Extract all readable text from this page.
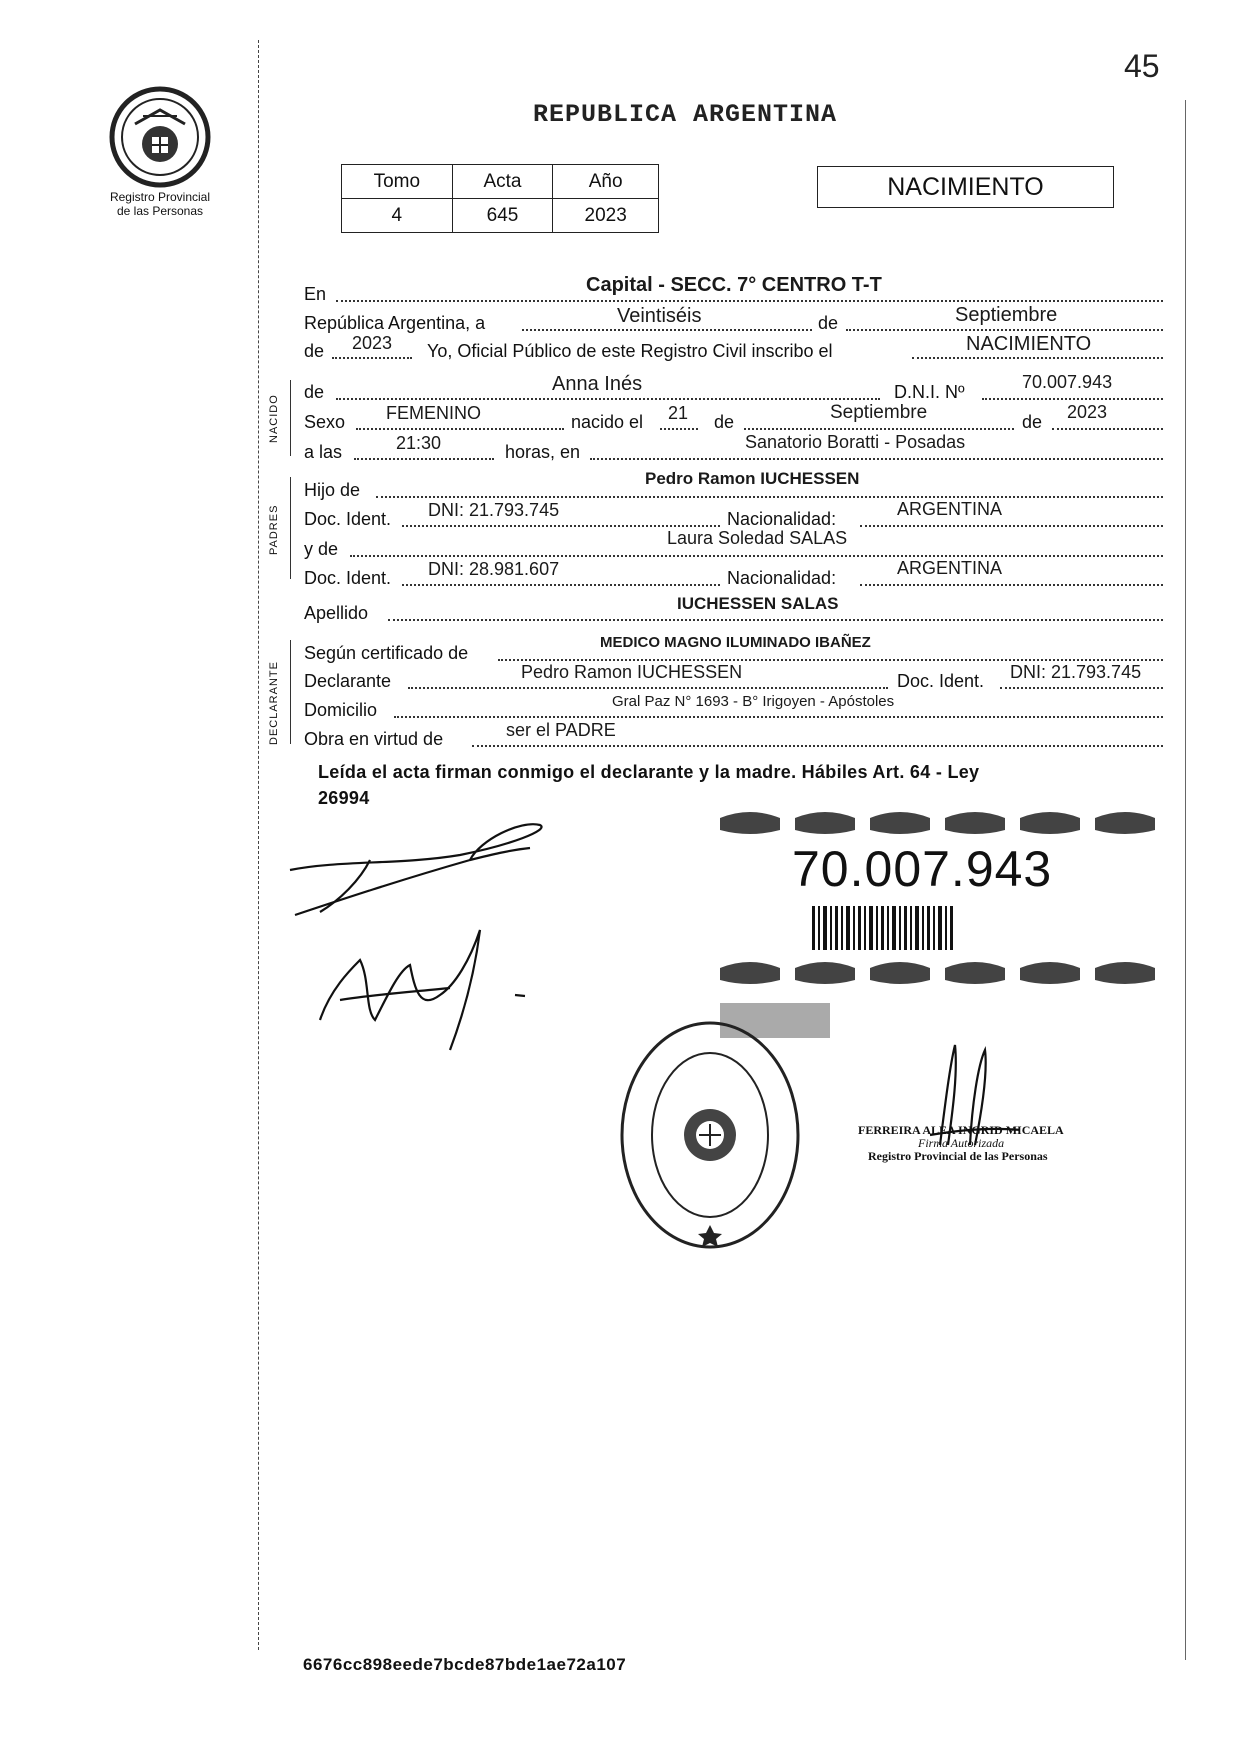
45
Registro Provincial
de las Personas
REPUBLICA ARGENTINA
Tomo	Acta	Año
4	645	2023
NACIMIENTO
NACIDO
PADRES
DECLARANTE
En	Capital - SECC. 7° CENTRO T-T
República Argentina, a	Veintiséis	de	Septiembre
de 2023 Yo, Oficial Público de este Registro Civil inscribo el	NACIMIENTO
de	Anna Inés	D.N.I. Nº	70.007.943
Sexo FEMENINO	nacido el 21 de	Septiembre	de 2023
a las	21:30	horas, en	Sanatorio Boratti - Posadas
Hijo de
Pedro Ramon IUCHESSEN
Doc. Ident. DNI: 21.793.745	Nacionalidad:	ARGENTINA
y de
Laura Soledad SALAS
Doc. Ident. DNI: 28.981.607	Nacionalidad:	ARGENTINA
Apellido	IUCHESSEN SALAS
Según certificado de
MEDICO MAGNO ILUMINADO IBAÑEZ
Declarante	Pedro Ramon IUCHESSEN	Doc. Ident. DNI: 21.793.745
Domicilio	Gral Paz N° 1693 - B° Irigoyen - Apóstoles
Obra en virtud de	ser el PADRE
Leída el acta firman conmigo el declarante y la madre. Hábiles Art. 64 - Ley
26994
70.007.943
FERREIRA ALEA INGRID MICAELA
Firma Autorizada
Registro Provincial de las Personas
6676cc898eede7bcde87bde1ae72a107
